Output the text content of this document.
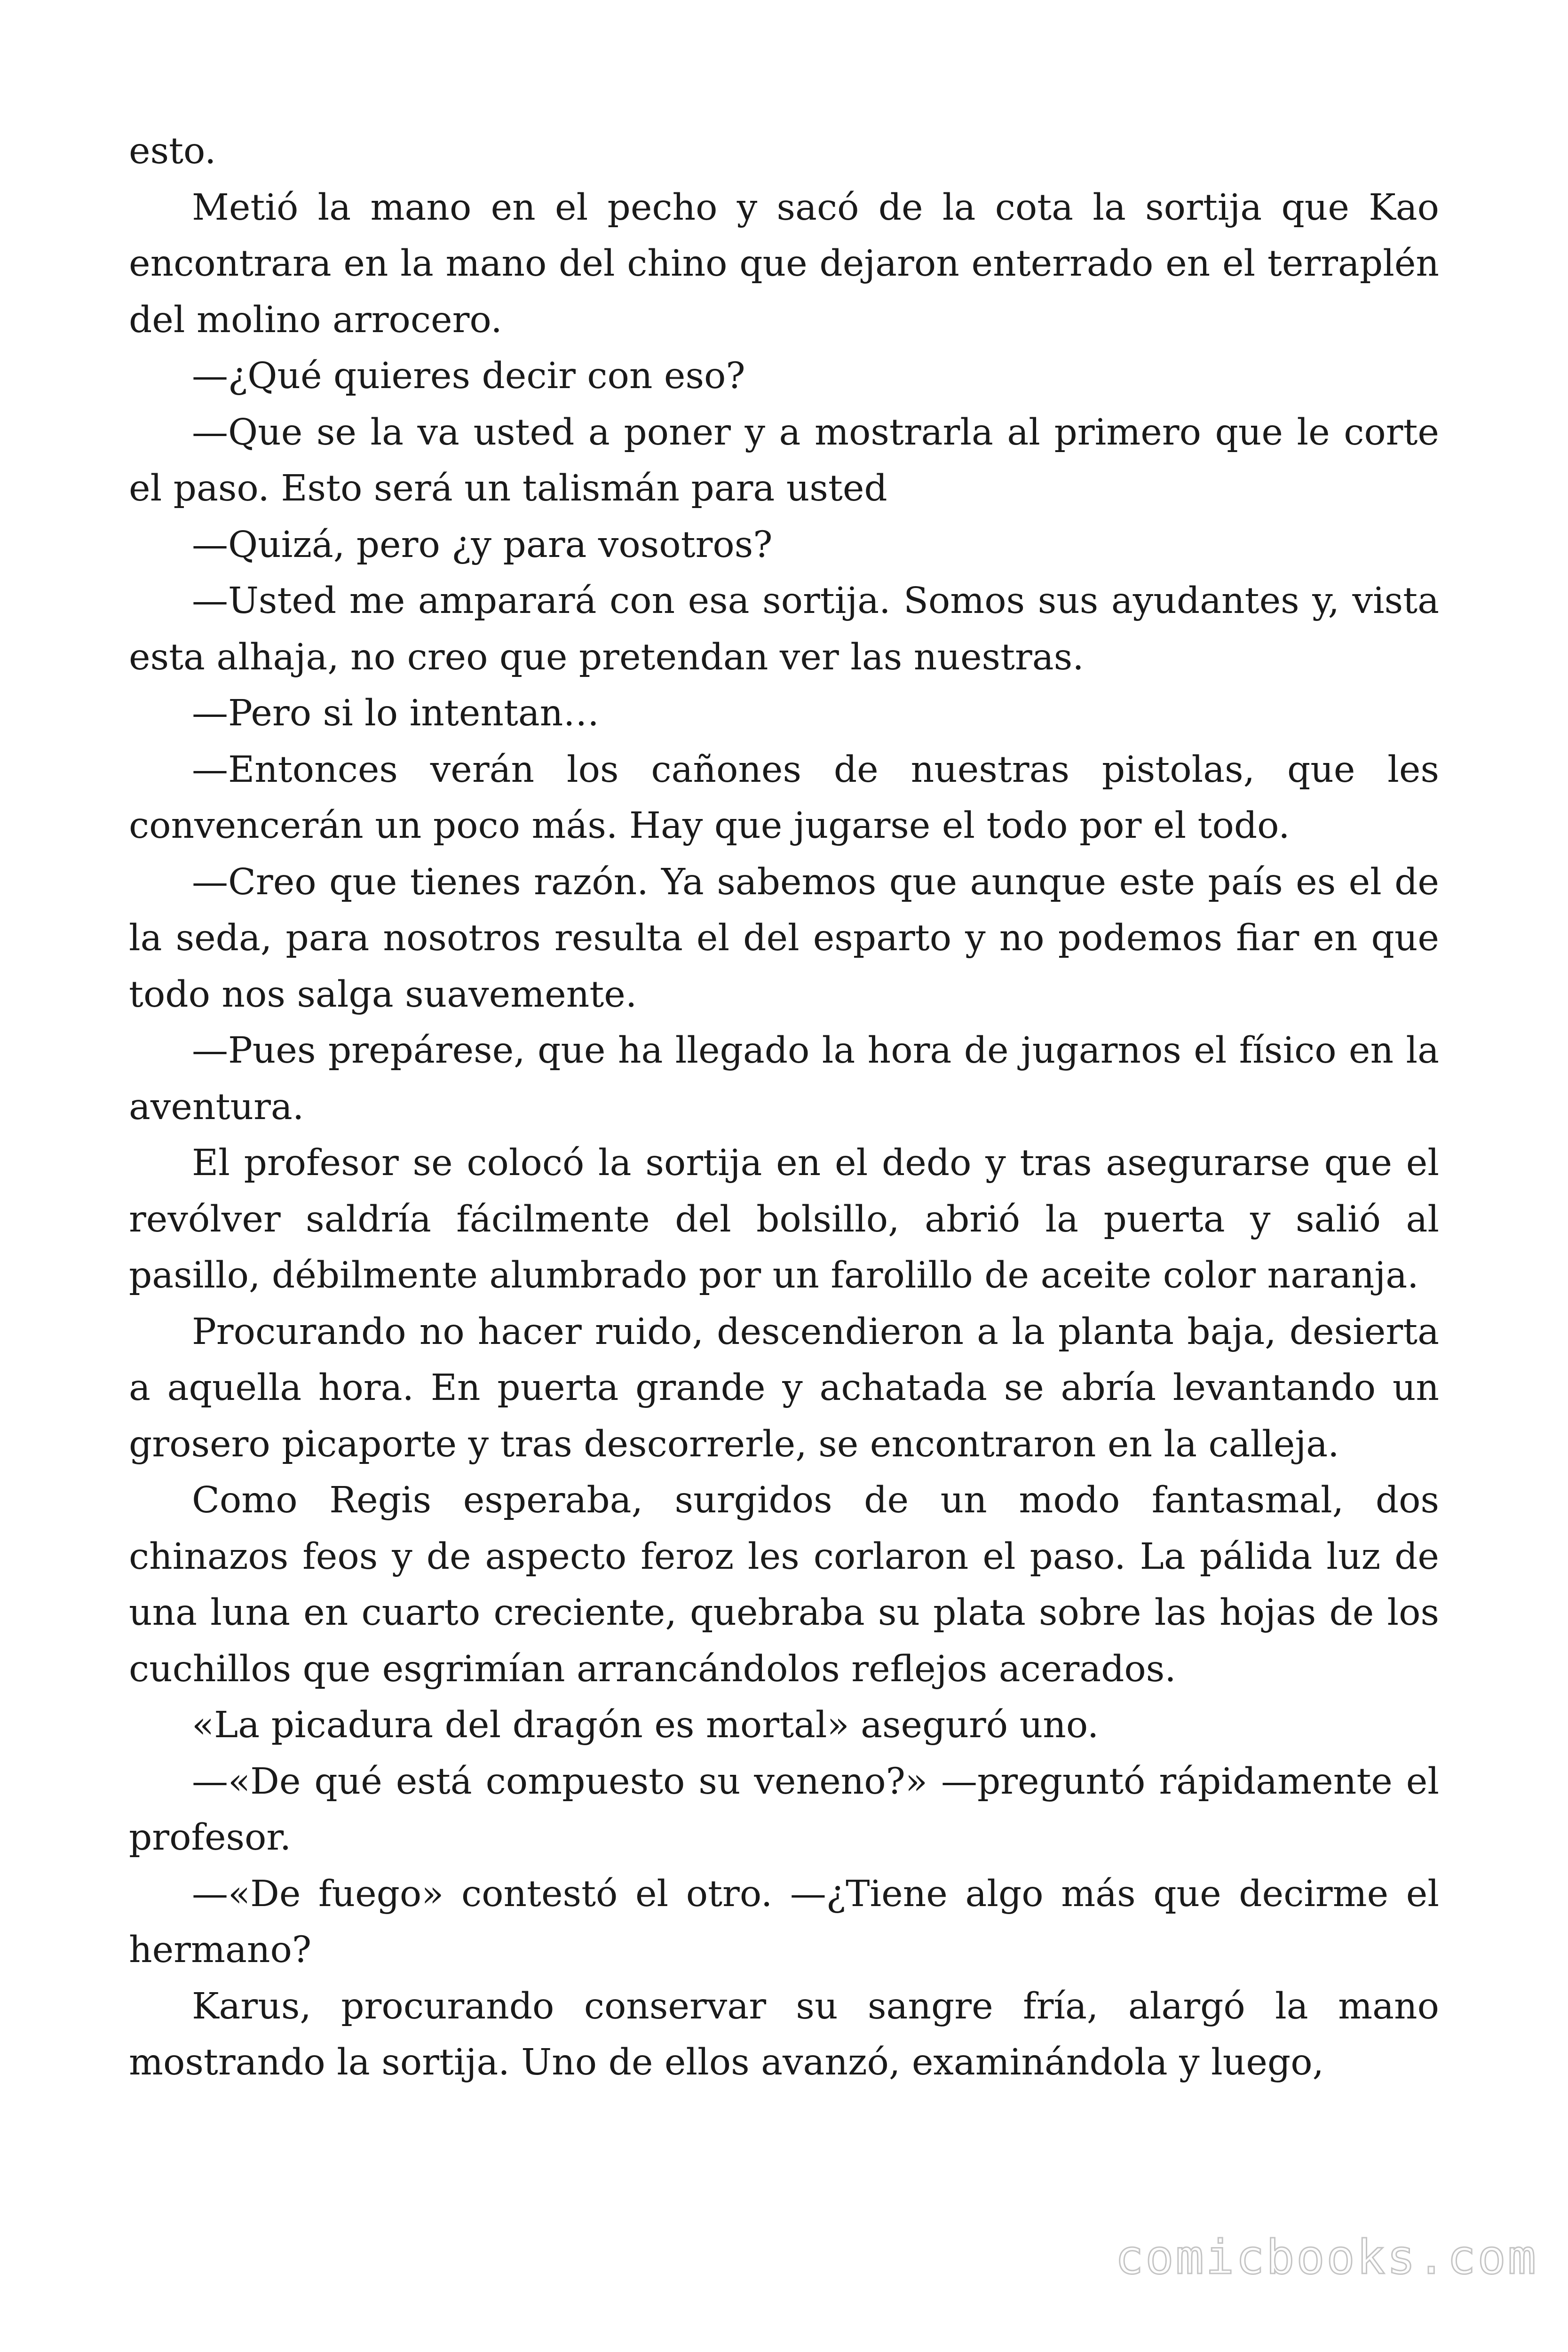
esto.

Metió la mano en el pecho y sacó de la cota la sortija que Kao encontrara en la mano del chino que dejaron enterrado en el terraplén del molino arrocero.

—¿Qué quieres decir con eso?

—Que se la va usted a poner y a mostrarla al primero que le corte el paso. Esto será un talismán para usted

—Quizá, pero ¿y para vosotros?

—Usted me amparará con esa sortija. Somos sus ayudantes y, vista esta alhaja, no creo que pretendan ver las nuestras.

—Pero si lo intentan…

—Entonces verán los cañones de nuestras pistolas, que les convencerán un poco más. Hay que jugarse el todo por el todo.

—Creo que tienes razón. Ya sabemos que aunque este país es el de la seda, para nosotros resulta el del esparto y no podemos fiar en que todo nos salga suavemente.

—Pues prepárese, que ha llegado la hora de jugarnos el físico en la aventura.

El profesor se colocó la sortija en el dedo y tras asegurarse que el revólver saldría fácilmente del bolsillo, abrió la puerta y salió al pasillo, débilmente alumbrado por un farolillo de aceite color naranja.

Procurando no hacer ruido, descendieron a la planta baja, desierta a aquella hora. En puerta grande y achatada se abría levantando un grosero picaporte y tras descorrerle, se encontraron en la calleja.

Como Regis esperaba, surgidos de un modo fantasmal, dos chinazos feos y de aspecto feroz les corlaron el paso. La pálida luz de una luna en cuarto creciente, quebraba su plata sobre las hojas de los cuchillos que esgrimían arrancándolos reflejos acerados.

«La picadura del dragón es mortal» aseguró uno.

—«De qué está compuesto su veneno?» —preguntó rápidamente el profesor.

—«De fuego» contestó el otro. —¿Tiene algo más que decirme el hermano?

Karus, procurando conservar su sangre fría, alargó la mano mostrando la sortija. Uno de ellos avanzó, examinándola y luego,

comicbooks.com
